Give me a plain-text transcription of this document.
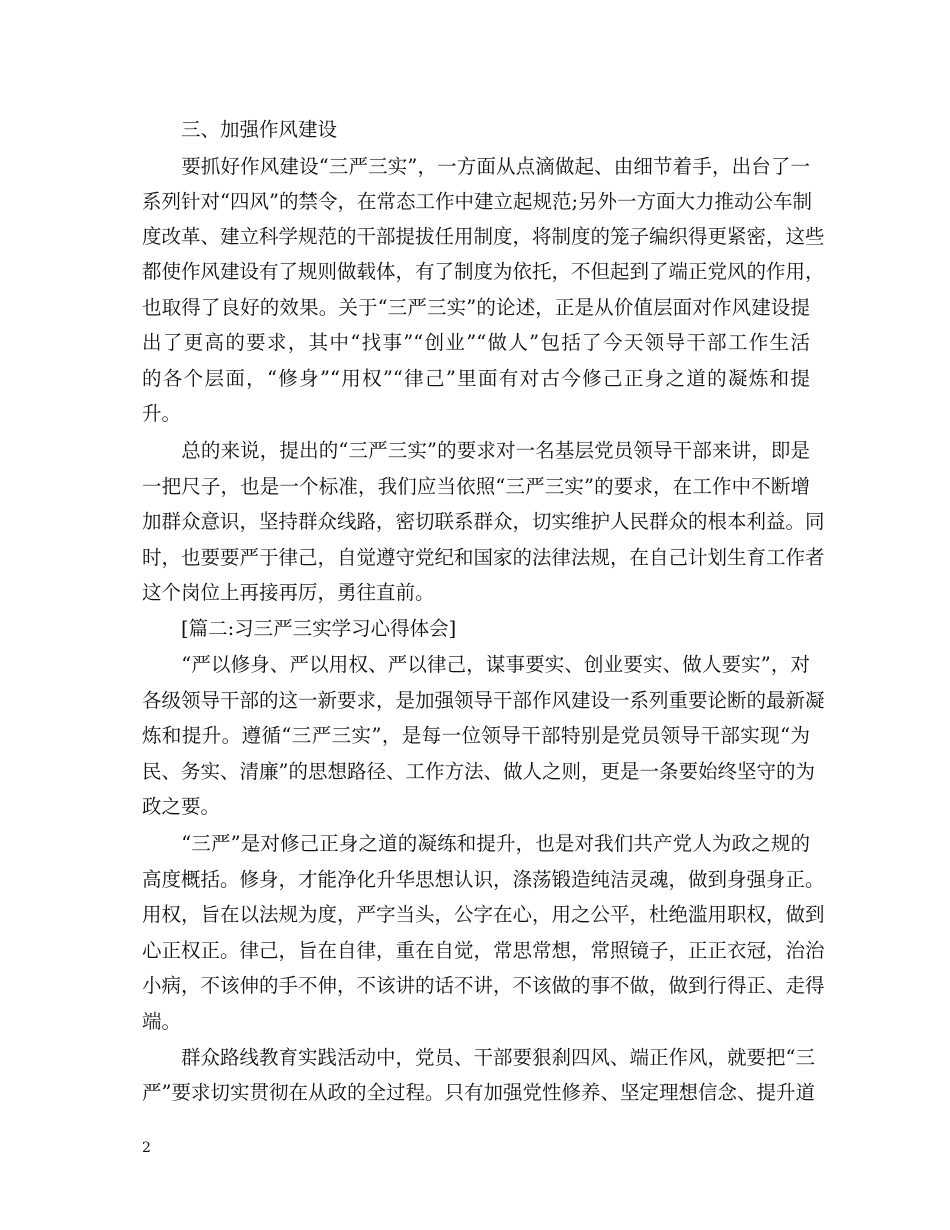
　　三、加强作风建设
　　要抓好作风建设“三严三实”，一方面从点滴做起、由细节着手，出台了一
系列针对“四风”的禁令，在常态工作中建立起规范;另外一方面大力推动公车制
度改革、建立科学规范的干部提拔任用制度，将制度的笼子编织得更紧密，这些
都使作风建设有了规则做载体，有了制度为依托，不但起到了端正党风的作用，
也取得了良好的效果。关于“三严三实”的论述，正是从价值层面对作风建设提
出了更高的要求，其中“找事”“创业”“做人”包括了今天领导干部工作生活
的各个层面，“修身”“用权”“律己”里面有对古今修己正身之道的凝炼和提
升。
　　总的来说，提出的“三严三实”的要求对一名基层党员领导干部来讲，即是
一把尺子，也是一个标准，我们应当依照“三严三实”的要求，在工作中不断增
加群众意识，坚持群众线路，密切联系群众，切实维护人民群众的根本利益。同
时，也要要严于律己，自觉遵守党纪和国家的法律法规，在自己计划生育工作者
这个岗位上再接再厉，勇往直前。
　　[篇二:习三严三实学习心得体会]
　　“严以修身、严以用权、严以律己，谋事要实、创业要实、做人要实”，对
各级领导干部的这一新要求，是加强领导干部作风建设一系列重要论断的最新凝
炼和提升。遵循“三严三实”，是每一位领导干部特别是党员领导干部实现“为
民、务实、清廉”的思想路径、工作方法、做人之则，更是一条要始终坚守的为
政之要。
　　“三严”是对修己正身之道的凝练和提升，也是对我们共产党人为政之规的
高度概括。修身，才能净化升华思想认识，涤荡锻造纯洁灵魂，做到身强身正。
用权，旨在以法规为度，严字当头，公字在心，用之公平，杜绝滥用职权，做到
心正权正。律己，旨在自律，重在自觉，常思常想，常照镜子，正正衣冠，治治
小病，不该伸的手不伸，不该讲的话不讲，不该做的事不做，做到行得正、走得
端。
　　群众路线教育实践活动中，党员、干部要狠刹四风、端正作风，就要把“三
严”要求切实贯彻在从政的全过程。只有加强党性修养、坚定理想信念、提升道
2
